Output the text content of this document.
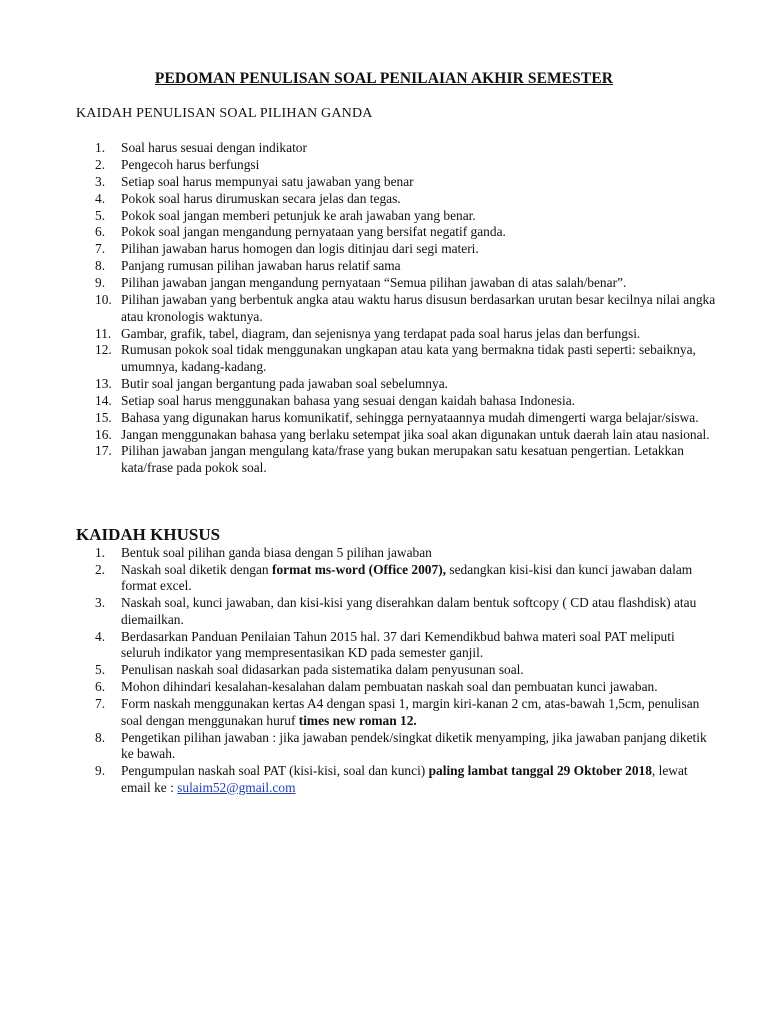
PEDOMAN PENULISAN SOAL PENILAIAN AKHIR SEMESTER
KAIDAH PENULISAN SOAL PILIHAN GANDA
1.	Soal harus sesuai dengan indikator
2.	Pengecoh harus berfungsi
3.	Setiap soal harus mempunyai satu jawaban yang benar
4.	Pokok soal harus dirumuskan secara jelas dan tegas.
5.	Pokok soal jangan memberi petunjuk ke arah jawaban yang benar.
6.	Pokok soal jangan mengandung pernyataan yang bersifat negatif ganda.
7.	Pilihan jawaban harus homogen dan logis ditinjau dari segi materi.
8.	Panjang rumusan pilihan jawaban harus relatif sama
9.	Pilihan jawaban jangan mengandung pernyataan “Semua pilihan jawaban di atas salah/benar”.
10. Pilihan jawaban yang berbentuk angka atau waktu harus disusun berdasarkan urutan besar kecilnya nilai angka atau kronologis waktunya.
11. Gambar, grafik, tabel, diagram, dan sejenisnya yang terdapat pada soal harus jelas dan berfungsi.
12. Rumusan pokok soal tidak menggunakan ungkapan atau kata yang bermakna tidak pasti seperti: sebaiknya, umumnya, kadang-kadang.
13. Butir soal jangan bergantung pada jawaban soal sebelumnya.
14. Setiap soal harus menggunakan bahasa yang sesuai dengan kaidah bahasa Indonesia.
15. Bahasa yang digunakan harus komunikatif, sehingga pernyataannya mudah dimengerti warga belajar/siswa.
16. Jangan menggunakan bahasa yang berlaku setempat jika soal akan digunakan untuk daerah lain atau nasional.
17. Pilihan jawaban jangan mengulang kata/frase yang bukan merupakan satu kesatuan pengertian. Letakkan kata/frase pada pokok soal.
KAIDAH KHUSUS
1.	Bentuk soal pilihan ganda biasa dengan 5 pilihan jawaban
2.	Naskah soal diketik dengan format ms-word (Office 2007), sedangkan kisi-kisi dan kunci jawaban dalam format excel.
3.	Naskah soal, kunci jawaban, dan kisi-kisi yang diserahkan dalam bentuk softcopy ( CD atau flashdisk) atau diemailkan.
4.	Berdasarkan Panduan Penilaian Tahun 2015 hal. 37 dari Kemendikbud bahwa materi soal PAT meliputi seluruh indikator yang mempresentasikan KD pada semester ganjil.
5.	Penulisan naskah soal didasarkan pada sistematika dalam penyusunan soal.
6.	Mohon dihindari kesalahan-kesalahan dalam pembuatan naskah soal dan pembuatan kunci jawaban.
7.	Form naskah menggunakan kertas A4 dengan spasi 1, margin kiri-kanan 2 cm, atas-bawah 1,5cm, penulisan soal dengan menggunakan huruf times new roman 12.
8.	Pengetikan pilihan jawaban : jika jawaban pendek/singkat diketik menyamping, jika jawaban panjang diketik ke bawah.
9.	Pengumpulan naskah soal PAT (kisi-kisi, soal dan kunci) paling lambat tanggal 29 Oktober 2018, lewat email ke : sulaim52@gmail.com
